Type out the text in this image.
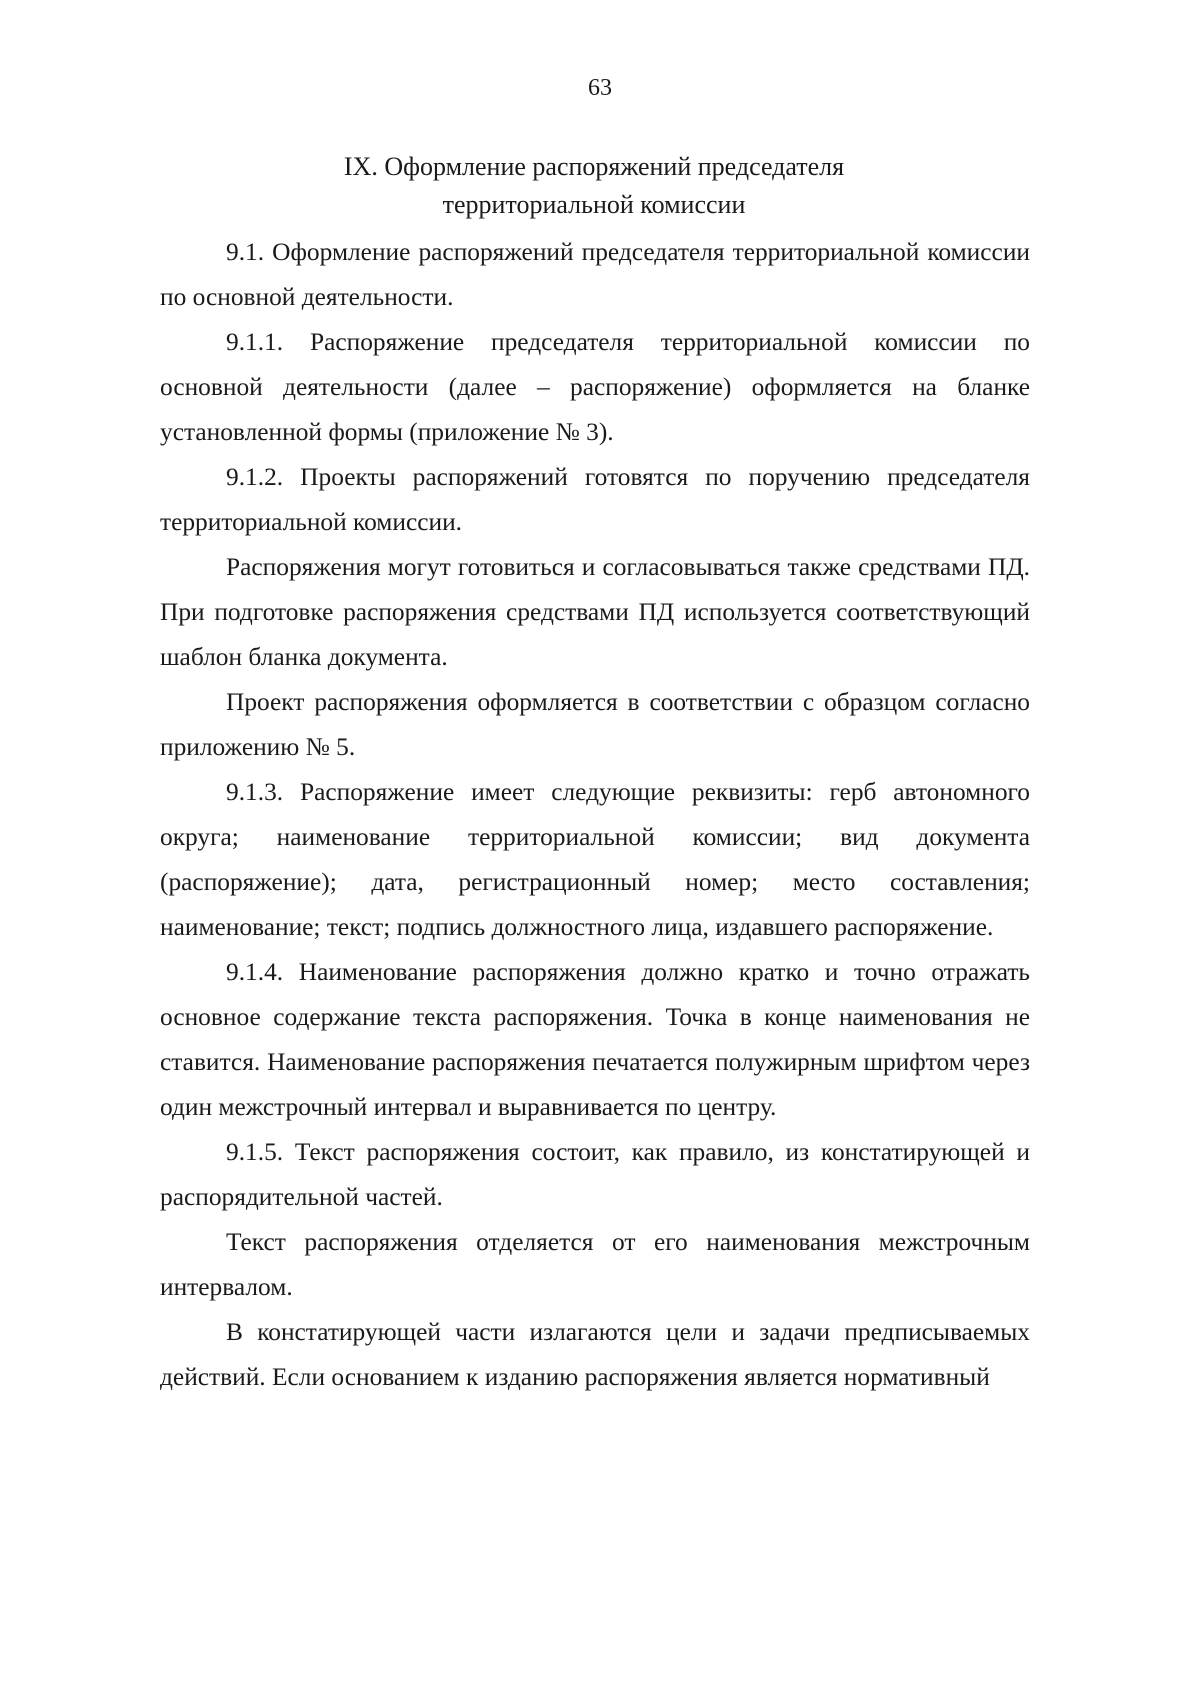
63
IX. Оформление распоряжений председателя
территориальной комиссии

9.1. Оформление распоряжений председателя территориальной комиссии по основной деятельности.

9.1.1. Распоряжение председателя территориальной комиссии по основной деятельности (далее – распоряжение) оформляется на бланке установленной формы (приложение № 3).

9.1.2. Проекты распоряжений готовятся по поручению председателя территориальной комиссии.

Распоряжения могут готовиться и согласовываться также средствами ПД. При подготовке распоряжения средствами ПД используется соответствующий шаблон бланка документа.

Проект распоряжения оформляется в соответствии с образцом согласно приложению № 5.

9.1.3. Распоряжение имеет следующие реквизиты: герб автономного округа; наименование территориальной комиссии; вид документа (распоряжение); дата, регистрационный номер; место составления; наименование; текст; подпись должностного лица, издавшего распоряжение.

9.1.4. Наименование распоряжения должно кратко и точно отражать основное содержание текста распоряжения. Точка в конце наименования не ставится. Наименование распоряжения печатается полужирным шрифтом через один межстрочный интервал и выравнивается по центру.

9.1.5. Текст распоряжения состоит, как правило, из констатирующей и распорядительной частей.

Текст распоряжения отделяется от его наименования межстрочным интервалом.

В констатирующей части излагаются цели и задачи предписываемых действий. Если основанием к изданию распоряжения является нормативный
